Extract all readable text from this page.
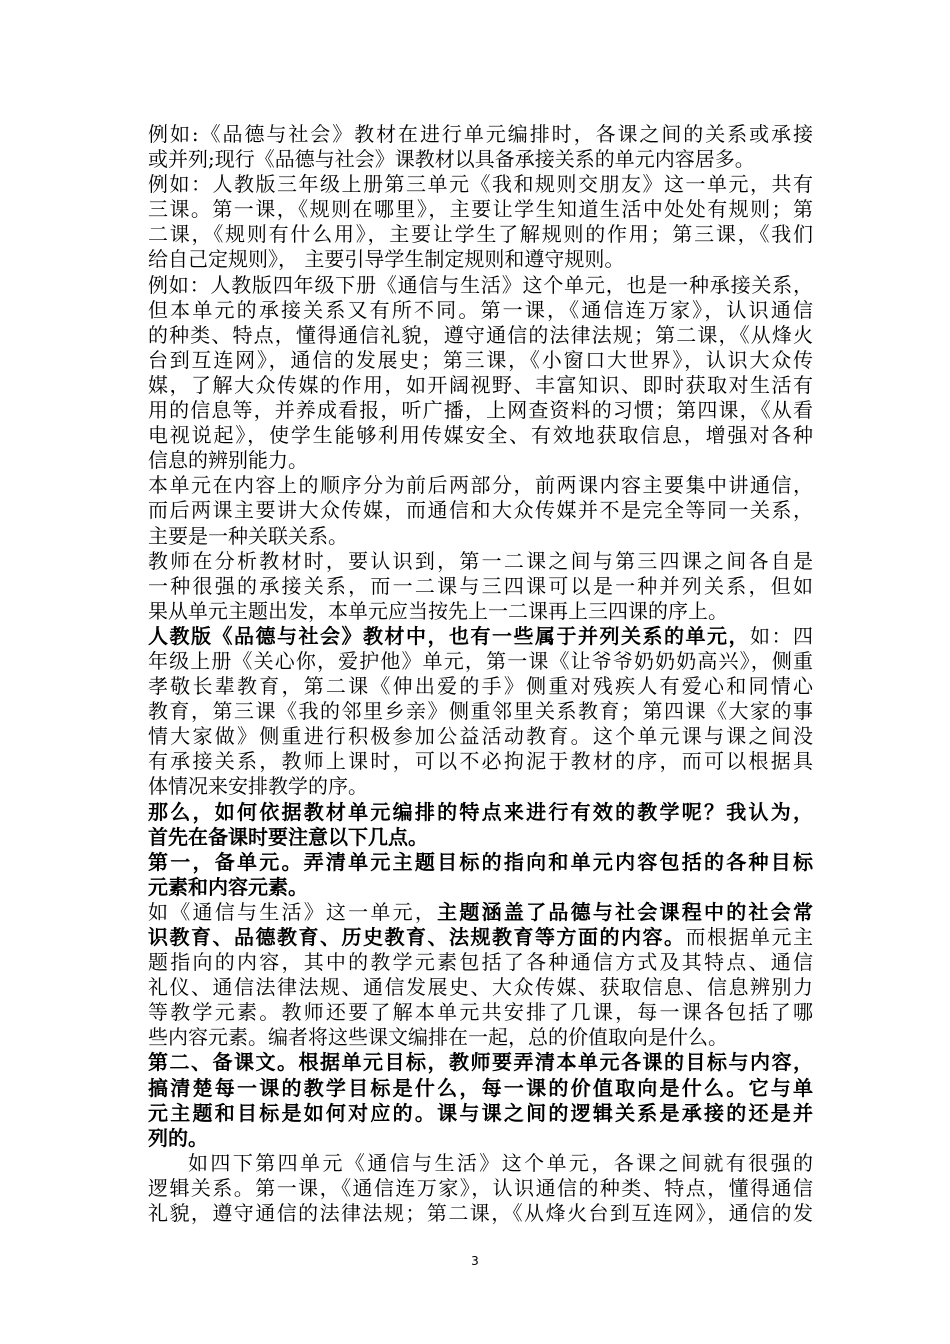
例如:《品德与社会》教材在进行单元编排时，各课之间的关系或承接
或并列;现行《品德与社会》课教材以具备承接关系的单元内容居多。
例如：人教版三年级上册第三单元《我和规则交朋友》这一单元，共有
三课。第一课，《规则在哪里》，主要让学生知道生活中处处有规则；第
二课，《规则有什么用》，主要让学生了解规则的作用；第三课，《我们
给自己定规则》， 主要引导学生制定规则和遵守规则。
例如：人教版四年级下册《通信与生活》这个单元，也是一种承接关系，
但本单元的承接关系又有所不同。第一课，《通信连万家》，认识通信
的种类、特点，懂得通信礼貌，遵守通信的法律法规；第二课，《从烽火
台到互连网》，通信的发展史；第三课，《小窗口大世界》，认识大众传
媒，了解大众传媒的作用，如开阔视野、丰富知识、即时获取对生活有
用的信息等，并养成看报，听广播，上网查资料的习惯；第四课，《从看
电视说起》，使学生能够利用传媒安全、有效地获取信息，增强对各种
信息的辨别能力。
本单元在内容上的顺序分为前后两部分，前两课内容主要集中讲通信，
而后两课主要讲大众传媒，而通信和大众传媒并不是完全等同一关系，
主要是一种关联关系。
教师在分析教材时，要认识到，第一二课之间与第三四课之间各自是
一种很强的承接关系，而一二课与三四课可以是一种并列关系，但如
果从单元主题出发，本单元应当按先上一二课再上三四课的序上。
人教版《品德与社会》教材中，也有一些属于并列关系的单元，如：四
年级上册《关心你，爱护他》单元，第一课《让爷爷奶奶奶高兴》，侧重
孝敬长辈教育，第二课《伸出爱的手》侧重对残疾人有爱心和同情心
教育，第三课《我的邻里乡亲》侧重邻里关系教育；第四课《大家的事
情大家做》侧重进行积极参加公益活动教育。这个单元课与课之间没
有承接关系，教师上课时，可以不必拘泥于教材的序，而可以根据具
体情况来安排教学的序。
那么，如何依据教材单元编排的特点来进行有效的教学呢？我认为，
首先在备课时要注意以下几点。
第一，备单元。弄清单元主题目标的指向和单元内容包括的各种目标
元素和内容元素。
如《通信与生活》这一单元，主题涵盖了品德与社会课程中的社会常
识教育、品德教育、历史教育、法规教育等方面的内容。而根据单元主
题指向的内容，其中的教学元素包括了各种通信方式及其特点、通信
礼仪、通信法律法规、通信发展史、大众传媒、获取信息、信息辨别力
等教学元素。教师还要了解本单元共安排了几课，每一课各包括了哪
些内容元素。编者将这些课文编排在一起，总的价值取向是什么。
第二、备课文。根据单元目标，教师要弄清本单元各课的目标与内容，
搞清楚每一课的教学目标是什么，每一课的价值取向是什么。它与单
元主题和目标是如何对应的。课与课之间的逻辑关系是承接的还是并
列的。
如四下第四单元《通信与生活》这个单元，各课之间就有很强的
逻辑关系。第一课，《通信连万家》，认识通信的种类、特点，懂得通信
礼貌，遵守通信的法律法规；第二课，《从烽火台到互连网》，通信的发
3
